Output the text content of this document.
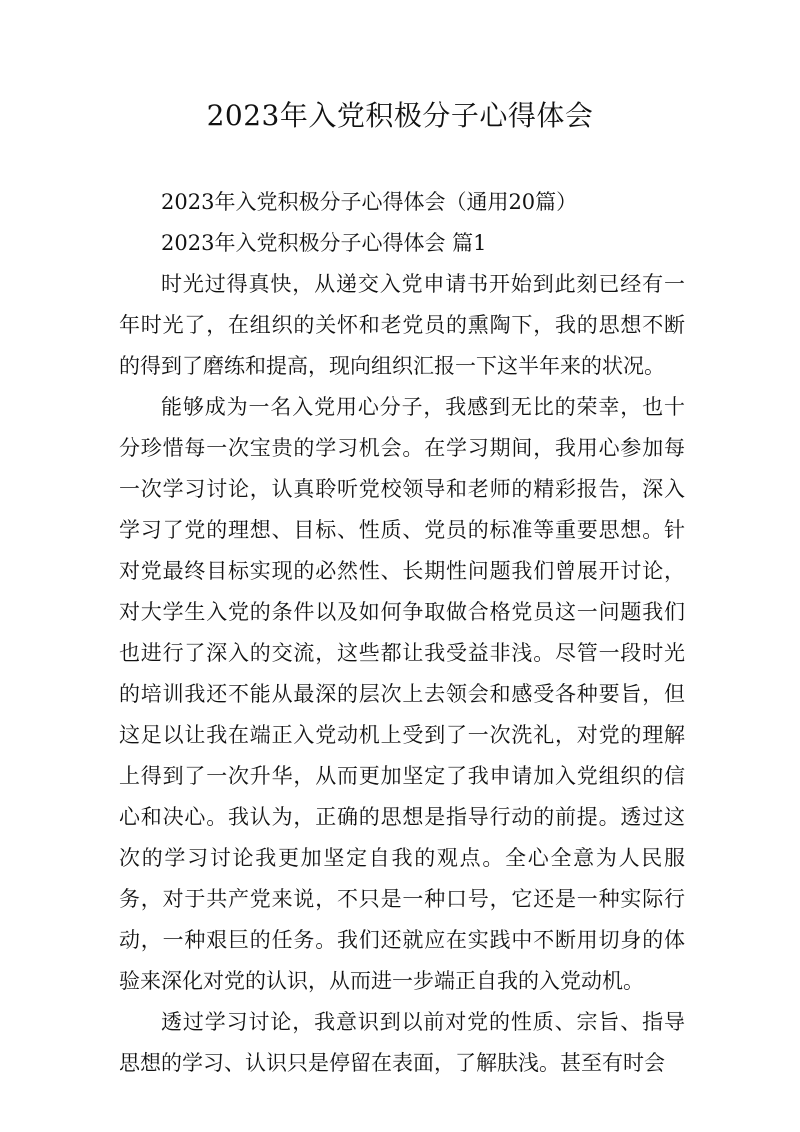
2023年入党积极分子心得体会

2023年入党积极分子心得体会（通用20篇）

2023年入党积极分子心得体会 篇1

时光过得真快，从递交入党申请书开始到此刻已经有一年时光了，在组织的关怀和老党员的熏陶下，我的思想不断的得到了磨练和提高，现向组织汇报一下这半年来的状况。

能够成为一名入党用心分子，我感到无比的荣幸，也十分珍惜每一次宝贵的学习机会。在学习期间，我用心参加每一次学习讨论，认真聆听党校领导和老师的精彩报告，深入学习了党的理想、目标、性质、党员的标准等重要思想。针对党最终目标实现的必然性、长期性问题我们曾展开讨论，对大学生入党的条件以及如何争取做合格党员这一问题我们也进行了深入的交流，这些都让我受益非浅。尽管一段时光的培训我还不能从最深的层次上去领会和感受各种要旨，但这足以让我在端正入党动机上受到了一次洗礼，对党的理解上得到了一次升华，从而更加坚定了我申请加入党组织的信心和决心。我认为，正确的思想是指导行动的前提。透过这次的学习讨论我更加坚定自我的观点。全心全意为人民服务，对于共产党来说，不只是一种口号，它还是一种实际行动，一种艰巨的任务。我们还就应在实践中不断用切身的体验来深化对党的认识，从而进一步端正自我的入党动机。

透过学习讨论，我意识到以前对党的性质、宗旨、指导思想的学习、认识只是停留在表面，了解肤浅。甚至有时会
